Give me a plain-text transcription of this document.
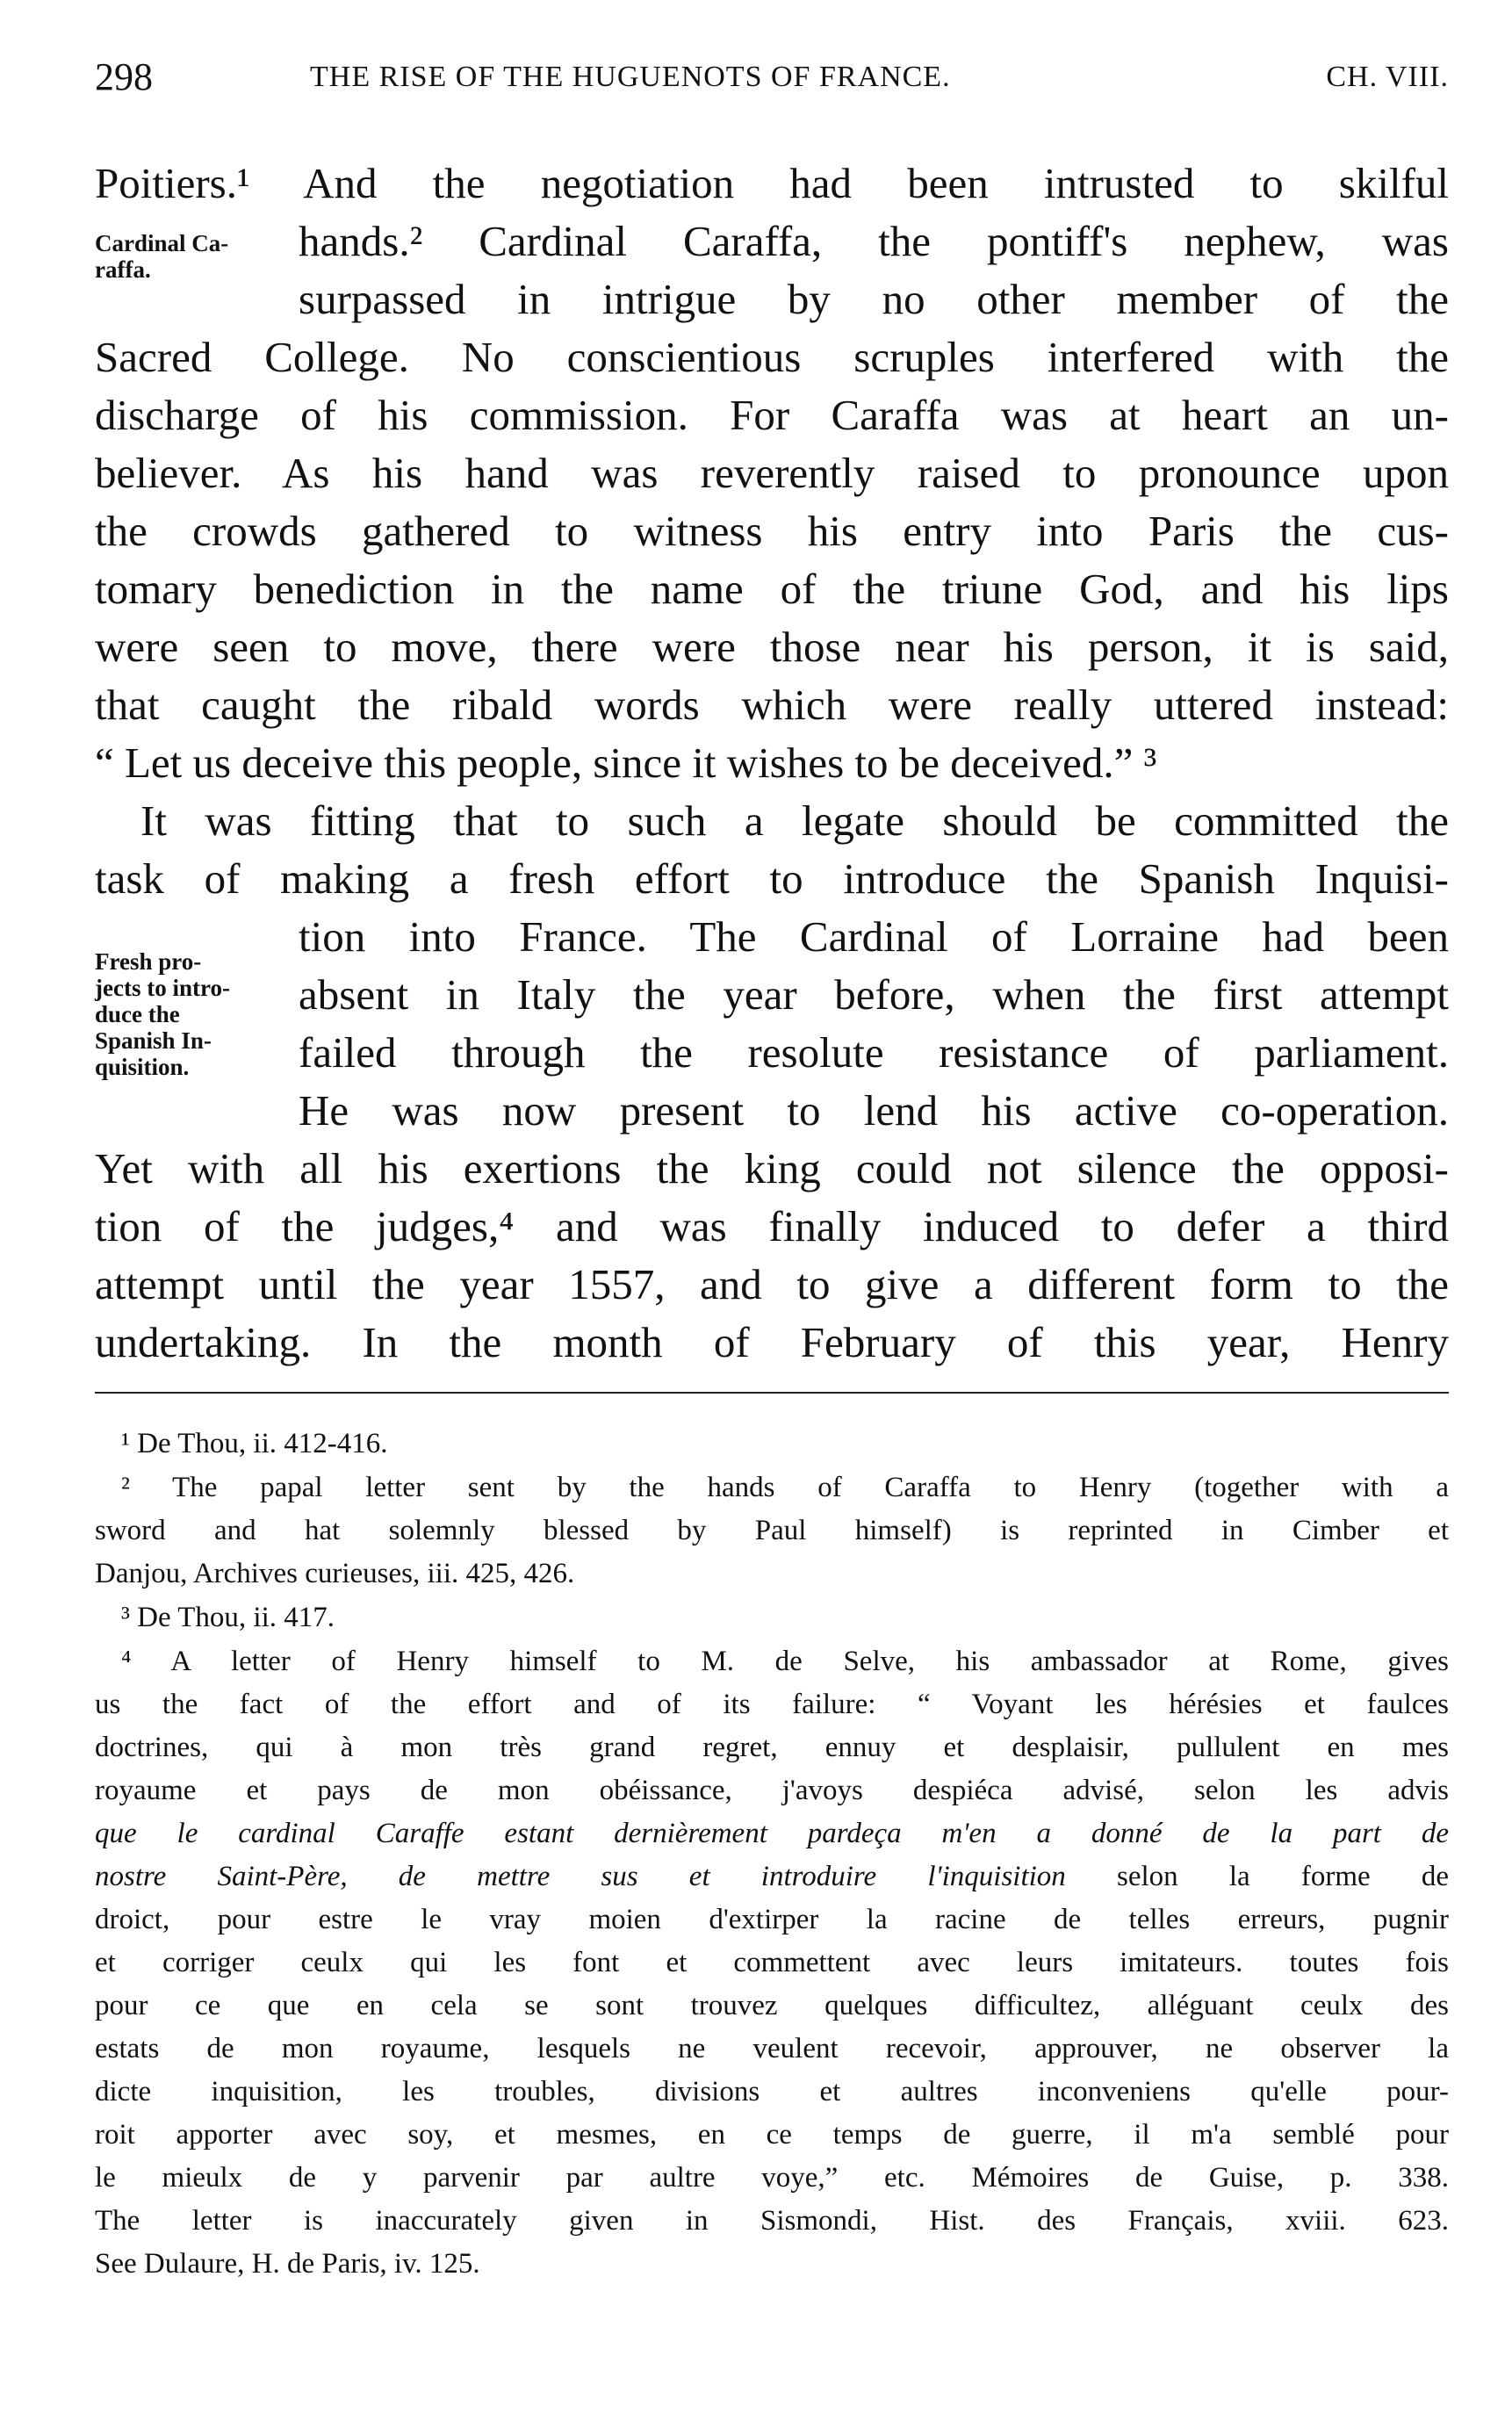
298	THE RISE OF THE HUGUENOTS OF FRANCE.	CH. VIII.
Cardinal Ca-
raffa.
Fresh pro-
jects to intro-
duce the
Spanish In-
quisition.
Poitiers.¹ And the negotiation had been intrusted to skilful
hands.² Cardinal Caraffa, the pontiff's nephew, was
surpassed in intrigue by no other member of the
Sacred College. No conscientious scruples interfered with the
discharge of his commission. For Caraffa was at heart an un-
believer. As his hand was reverently raised to pronounce upon
the crowds gathered to witness his entry into Paris the cus-
tomary benediction in the name of the triune God, and his lips
were seen to move, there were those near his person, it is said,
that caught the ribald words which were really uttered instead:
“ Let us deceive this people, since it wishes to be deceived.” ³
It was fitting that to such a legate should be committed the
task of making a fresh effort to introduce the Spanish Inquisi-
tion into France. The Cardinal of Lorraine had been
absent in Italy the year before, when the first attempt
failed through the resolute resistance of parliament.
He was now present to lend his active co-operation.
Yet with all his exertions the king could not silence the opposi-
tion of the judges,⁴ and was finally induced to defer a third
attempt until the year 1557, and to give a different form to the
undertaking. In the month of February of this year, Henry
¹ De Thou, ii. 412-416.
² The papal letter sent by the hands of Caraffa to Henry (together with a
sword and hat solemnly blessed by Paul himself) is reprinted in Cimber et
Danjou, Archives curieuses, iii. 425, 426.
³ De Thou, ii. 417.
⁴ A letter of Henry himself to M. de Selve, his ambassador at Rome, gives
us the fact of the effort and of its failure: “ Voyant les hérésies et faulces
doctrines, qui à mon très grand regret, ennuy et desplaisir, pullulent en mes
royaume et pays de mon obéissance, j'avoys despiéca advisé, selon les advis
que le cardinal Caraffe estant dernièrement pardeça m'en a donné de la part de
nostre Saint-Père, de mettre sus et introduire l'inquisition selon la forme de
droict, pour estre le vray moien d'extirper la racine de telles erreurs, pugnir
et corriger ceulx qui les font et commettent avec leurs imitateurs. toutes fois
pour ce que en cela se sont trouvez quelques difficultez, alléguant ceulx des
estats de mon royaume, lesquels ne veulent recevoir, approuver, ne observer la
dicte inquisition, les troubles, divisions et aultres inconveniens qu'elle pour-
roit apporter avec soy, et mesmes, en ce temps de guerre, il m'a semblé pour
le mieulx de y parvenir par aultre voye,” etc. Mémoires de Guise, p. 338.
The letter is inaccurately given in Sismondi, Hist. des Français, xviii. 623.
See Dulaure, H. de Paris, iv. 125.
